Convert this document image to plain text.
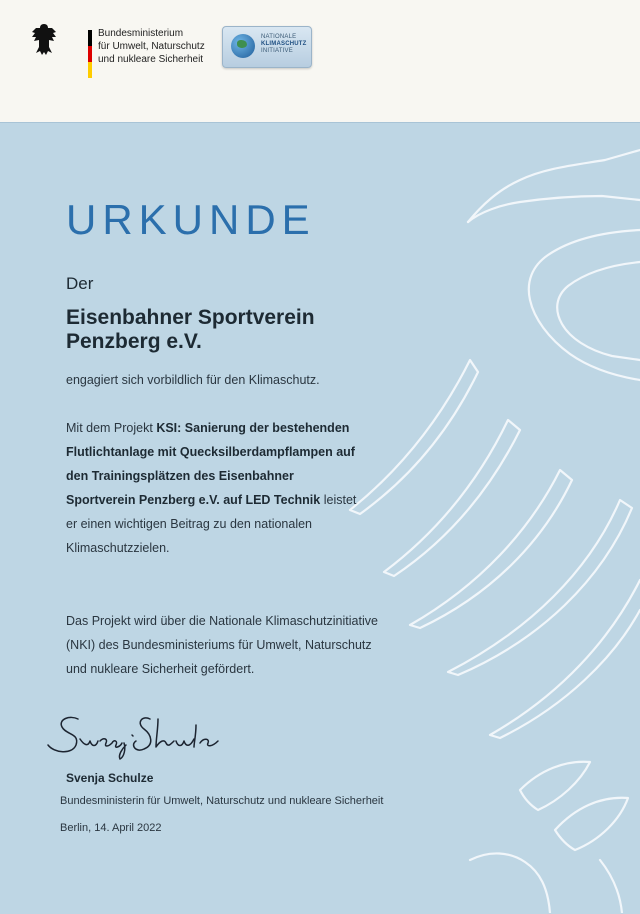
Bundesministerium
für Umwelt, Naturschutz
und nukleare Sicherheit
NATIONALE
KLIMASCHUTZ
INITIATIVE
URKUNDE
Der
Eisenbahner Sportverein
Penzberg e.V.
engagiert sich vorbildlich für den Klimaschutz.
Mit dem Projekt KSI: Sanierung der bestehenden Flutlichtanlage mit Quecksilberdampflampen auf den Trainingsplätzen des Eisenbahner Sportverein Penzberg e.V. auf LED Technik leistet er einen wichtigen Beitrag zu den nationalen Klimaschutzzielen.
Das Projekt wird über die Nationale Klimaschutzinitiative (NKI) des Bundesministeriums für Umwelt, Naturschutz und nukleare Sicherheit gefördert.
Svenja Schulze
Bundesministerin für Umwelt, Naturschutz und nukleare Sicherheit
Berlin, 14. April 2022
